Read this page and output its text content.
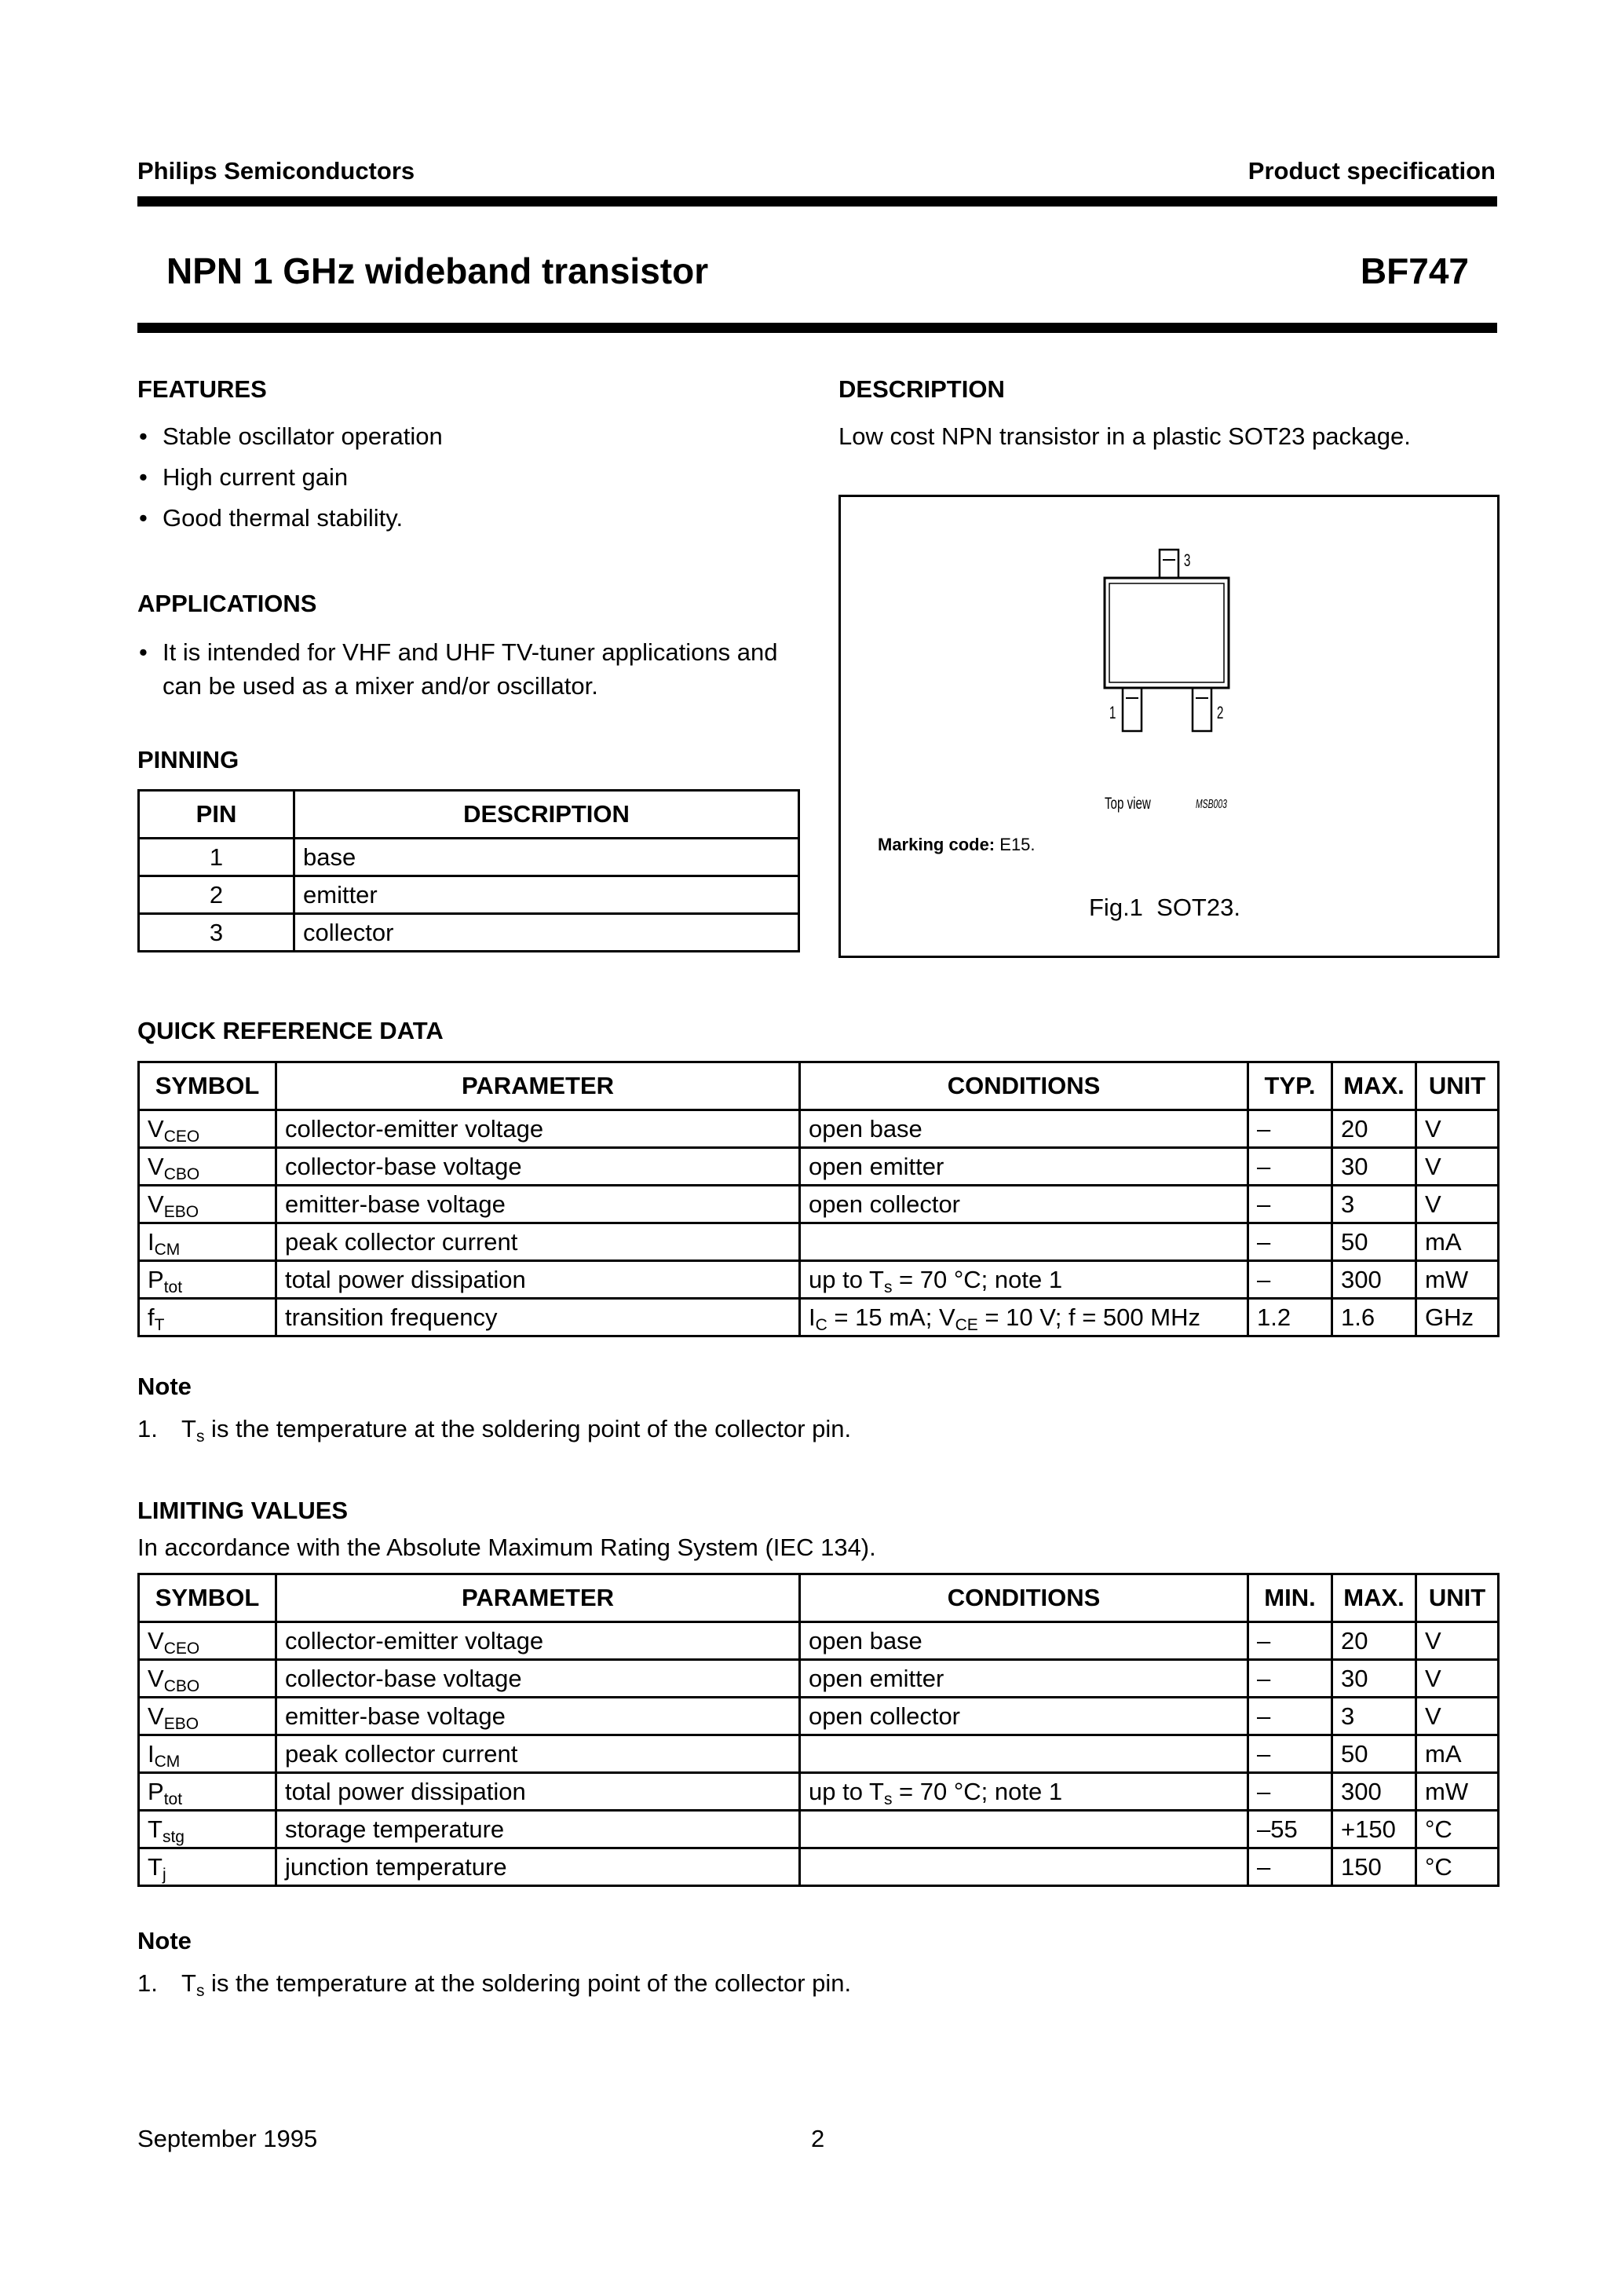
Philips Semiconductors	Product specification
NPN 1 GHz wideband transistor	BF747
FEATURES
• Stable oscillator operation
• High current gain
• Good thermal stability.
APPLICATIONS
• It is intended for VHF and UHF TV-tuner applications and can be used as a mixer and/or oscillator.
PINNING
PIN	DESCRIPTION
1	base
2	emitter
3	collector
DESCRIPTION
Low cost NPN transistor in a plastic SOT23 package.
3
1	2
Top view	MSB003
Marking code: E15.
Fig.1  SOT23.
QUICK REFERENCE DATA
SYMBOL	PARAMETER	CONDITIONS	TYP.	MAX.	UNIT
$V_{CEO}$	collector-emitter voltage	open base	–	20	V
$V_{CBO}$	collector-base voltage	open emitter	–	30	V
$V_{EBO}$	emitter-base voltage	open collector	–	3	V
$I_{CM}$	peak collector current		–	50	mA
$P_{tot}$	total power dissipation	up to $T_s = 70$ °C; note 1	–	300	mW
$f_T$	transition frequency	$I_C = 15$ mA; $V_{CE} = 10$ V; f = 500 MHz	1.2	1.6	GHz
Note
1. $T_s$ is the temperature at the soldering point of the collector pin.
LIMITING VALUES
In accordance with the Absolute Maximum Rating System (IEC 134).
SYMBOL	PARAMETER	CONDITIONS	MIN.	MAX.	UNIT
$V_{CEO}$	collector-emitter voltage	open base	–	20	V
$V_{CBO}$	collector-base voltage	open emitter	–	30	V
$V_{EBO}$	emitter-base voltage	open collector	–	3	V
$I_{CM}$	peak collector current		–	50	mA
$P_{tot}$	total power dissipation	up to $T_s = 70$ °C; note 1	–	300	mW
$T_{stg}$	storage temperature		–55	+150	°C
$T_j$	junction temperature		–	150	°C
Note
1. $T_s$ is the temperature at the soldering point of the collector pin.
September 1995	2
